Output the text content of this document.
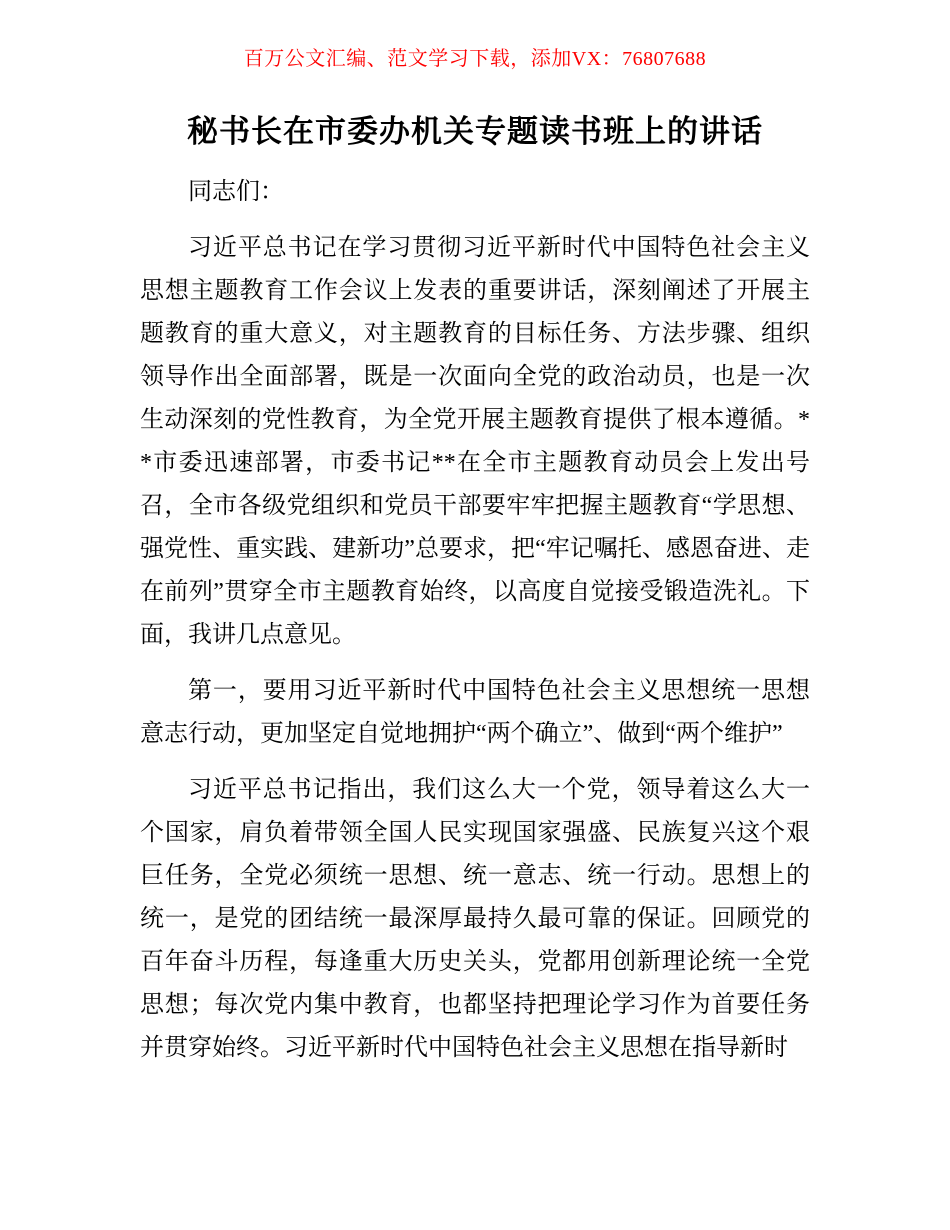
百万公文汇编、范文学习下载，添加VX：76807688

秘书长在市委办机关专题读书班上的讲话

同志们：

习近平总书记在学习贯彻习近平新时代中国特色社会主义思想主题教育工作会议上发表的重要讲话，深刻阐述了开展主题教育的重大意义，对主题教育的目标任务、方法步骤、组织领导作出全面部署，既是一次面向全党的政治动员，也是一次生动深刻的党性教育，为全党开展主题教育提供了根本遵循。**市委迅速部署，市委书记**在全市主题教育动员会上发出号召，全市各级党组织和党员干部要牢牢把握主题教育“学思想、强党性、重实践、建新功”总要求，把“牢记嘱托、感恩奋进、走在前列”贯穿全市主题教育始终，以高度自觉接受锻造洗礼。下面，我讲几点意见。

第一，要用习近平新时代中国特色社会主义思想统一思想意志行动，更加坚定自觉地拥护“两个确立”、做到“两个维护”

习近平总书记指出，我们这么大一个党，领导着这么大一个国家，肩负着带领全国人民实现国家强盛、民族复兴这个艰巨任务，全党必须统一思想、统一意志、统一行动。思想上的统一，是党的团结统一最深厚最持久最可靠的保证。回顾党的百年奋斗历程，每逢重大历史关头，党都用创新理论统一全党思想；每次党内集中教育，也都坚持把理论学习作为首要任务并贯穿始终。习近平新时代中国特色社会主义思想在指导新时
